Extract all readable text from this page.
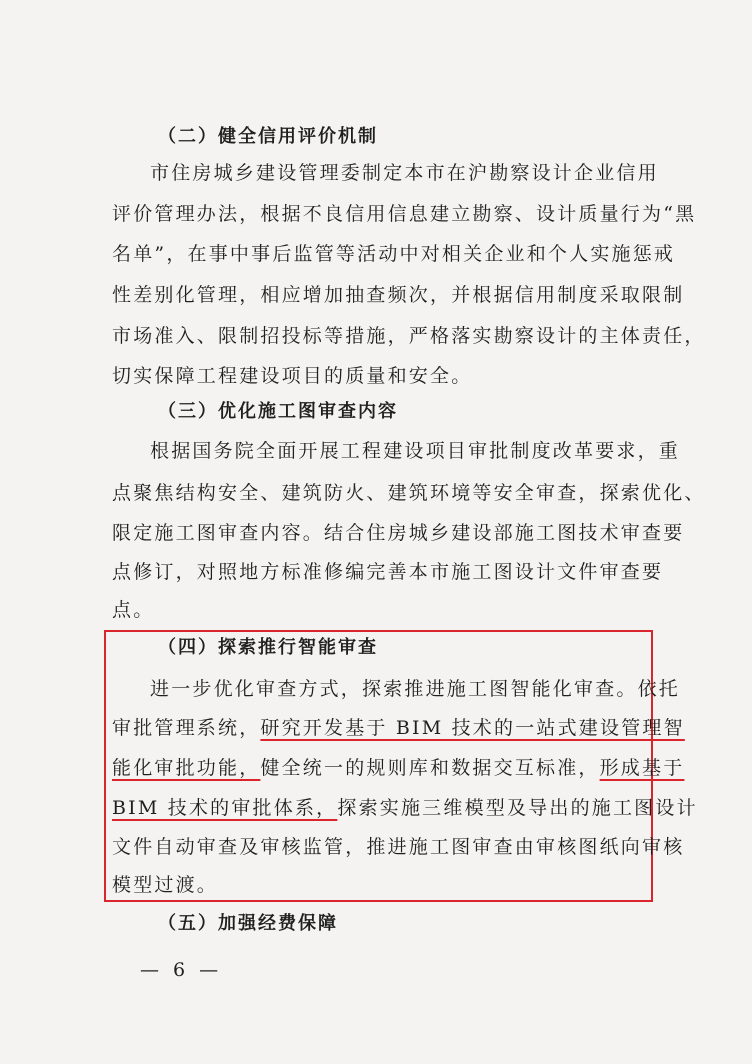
（二）健全信用评价机制
市住房城乡建设管理委制定本市在沪勘察设计企业信用
评价管理办法，根据不良信用信息建立勘察、设计质量行为“黑
名单”，在事中事后监管等活动中对相关企业和个人实施惩戒
性差别化管理，相应增加抽查频次，并根据信用制度采取限制
市场准入、限制招投标等措施，严格落实勘察设计的主体责任，
切实保障工程建设项目的质量和安全。
（三）优化施工图审查内容
根据国务院全面开展工程建设项目审批制度改革要求，重
点聚焦结构安全、建筑防火、建筑环境等安全审查，探索优化、
限定施工图审查内容。结合住房城乡建设部施工图技术审查要
点修订，对照地方标准修编完善本市施工图设计文件审查要
点。
（四）探索推行智能审查
进一步优化审查方式，探索推进施工图智能化审查。依托
审批管理系统，研究开发基于 BIM 技术的一站式建设管理智
能化审批功能，健全统一的规则库和数据交互标准，形成基于
BIM 技术的审批体系，探索实施三维模型及导出的施工图设计
文件自动审查及审核监管，推进施工图审查由审核图纸向审核
模型过渡。
（五）加强经费保障
— 6 —
